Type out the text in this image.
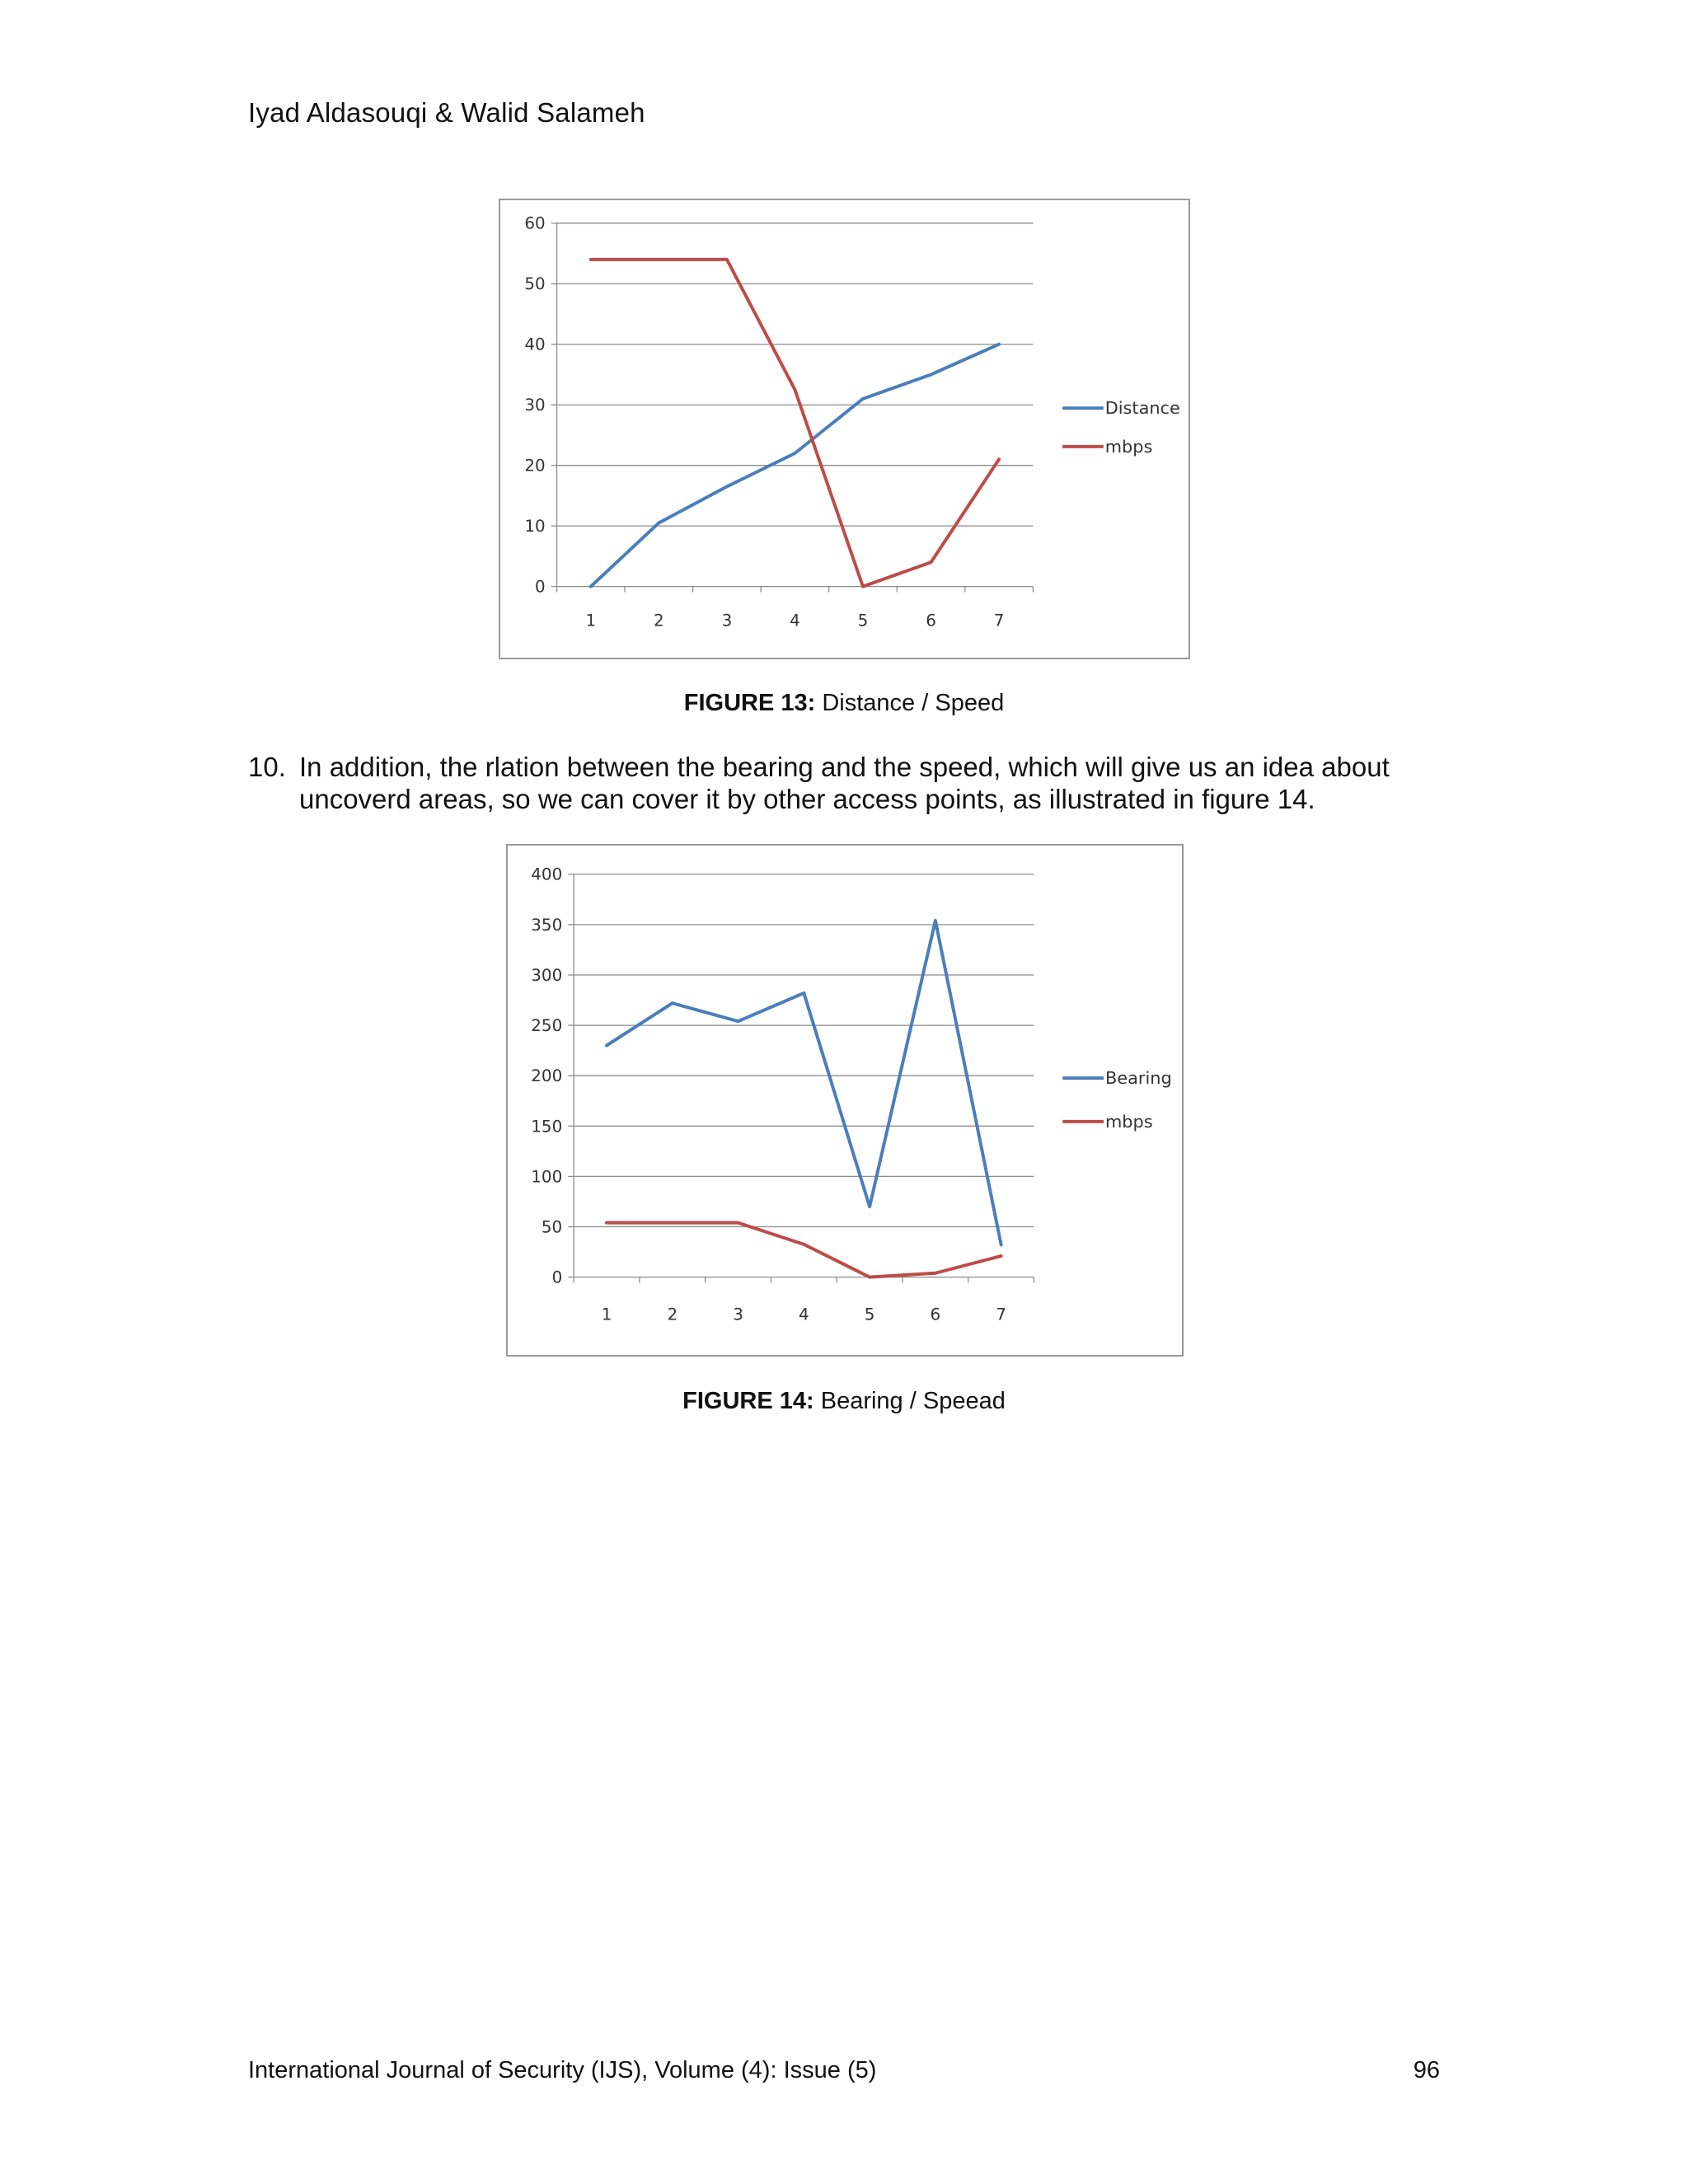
Iyad Aldasouqi & Walid Salameh
0
10
20
30
40
50
60
1	2	3	4	5	6	7
Distance
mbps
FIGURE 13: Distance / Speed
10. In addition, the rlation between the bearing and the speed, which will give us an idea about uncoverd areas, so we can cover it by other access points, as illustrated in figure 14.
0
50
100
150
200
250
300
350
400
1	2	3	4	5	6	7
Bearing
mbps
FIGURE 14: Bearing / Speead
International Journal of Security (IJS), Volume (4): Issue (5)	96
